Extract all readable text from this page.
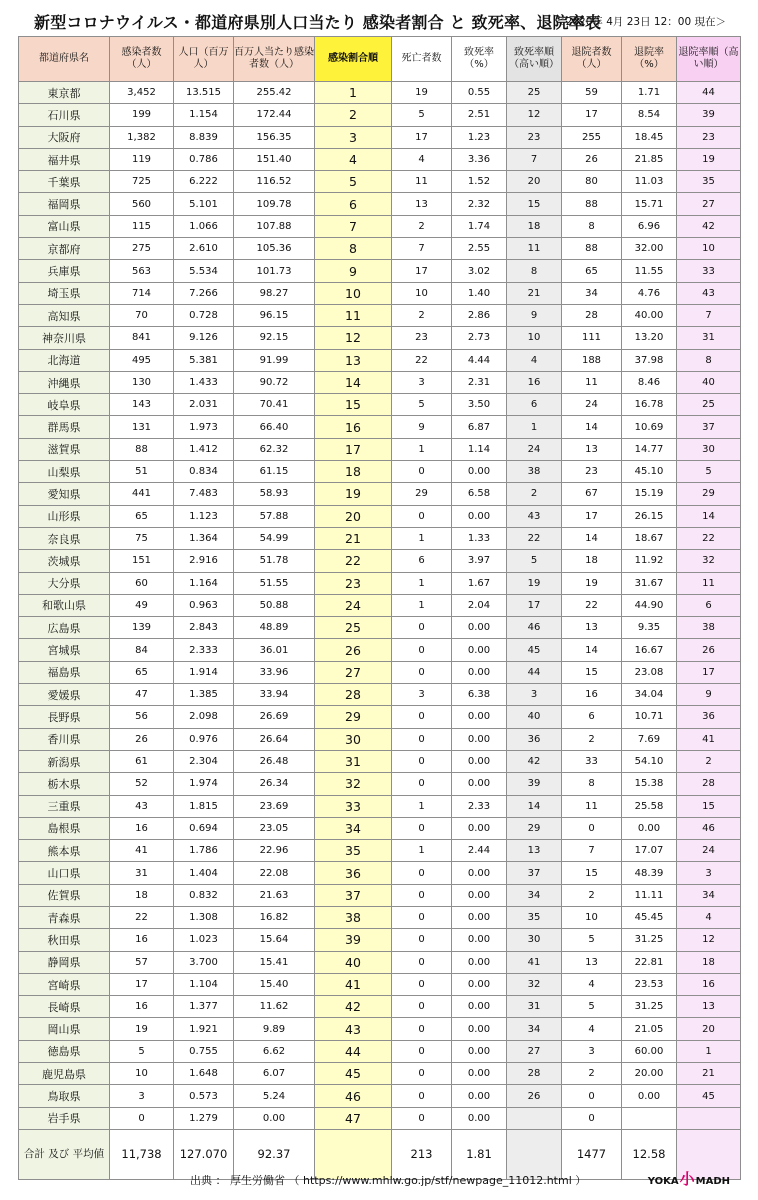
新型コロナウイルス・都道府県別人口当たり 感染者割合 と 致死率、退院率表
＜2020年 4月 23日 12：00 現在＞
都道府県名	感染者数（人）	人口（百万人）	百万人当たり感染者数（人）	感染割合順	死亡者数	致死率（%）	致死率順（高い順）	退院者数（人）	退院率（%）	退院率順（高い順）
東京都	3,452	13.515	255.42	1	19	0.55	25	59	1.71	44
石川県	199	1.154	172.44	2	5	2.51	12	17	8.54	39
大阪府	1,382	8.839	156.35	3	17	1.23	23	255	18.45	23
福井県	119	0.786	151.40	4	4	3.36	7	26	21.85	19
千葉県	725	6.222	116.52	5	11	1.52	20	80	11.03	35
福岡県	560	5.101	109.78	6	13	2.32	15	88	15.71	27
富山県	115	1.066	107.88	7	2	1.74	18	8	6.96	42
京都府	275	2.610	105.36	8	7	2.55	11	88	32.00	10
兵庫県	563	5.534	101.73	9	17	3.02	8	65	11.55	33
埼玉県	714	7.266	98.27	10	10	1.40	21	34	4.76	43
高知県	70	0.728	96.15	11	2	2.86	9	28	40.00	7
神奈川県	841	9.126	92.15	12	23	2.73	10	111	13.20	31
北海道	495	5.381	91.99	13	22	4.44	4	188	37.98	8
沖縄県	130	1.433	90.72	14	3	2.31	16	11	8.46	40
岐阜県	143	2.031	70.41	15	5	3.50	6	24	16.78	25
群馬県	131	1.973	66.40	16	9	6.87	1	14	10.69	37
滋賀県	88	1.412	62.32	17	1	1.14	24	13	14.77	30
山梨県	51	0.834	61.15	18	0	0.00	38	23	45.10	5
愛知県	441	7.483	58.93	19	29	6.58	2	67	15.19	29
山形県	65	1.123	57.88	20	0	0.00	43	17	26.15	14
奈良県	75	1.364	54.99	21	1	1.33	22	14	18.67	22
茨城県	151	2.916	51.78	22	6	3.97	5	18	11.92	32
大分県	60	1.164	51.55	23	1	1.67	19	19	31.67	11
和歌山県	49	0.963	50.88	24	1	2.04	17	22	44.90	6
広島県	139	2.843	48.89	25	0	0.00	46	13	9.35	38
宮城県	84	2.333	36.01	26	0	0.00	45	14	16.67	26
福島県	65	1.914	33.96	27	0	0.00	44	15	23.08	17
愛媛県	47	1.385	33.94	28	3	6.38	3	16	34.04	9
長野県	56	2.098	26.69	29	0	0.00	40	6	10.71	36
香川県	26	0.976	26.64	30	0	0.00	36	2	7.69	41
新潟県	61	2.304	26.48	31	0	0.00	42	33	54.10	2
栃木県	52	1.974	26.34	32	0	0.00	39	8	15.38	28
三重県	43	1.815	23.69	33	1	2.33	14	11	25.58	15
島根県	16	0.694	23.05	34	0	0.00	29	0	0.00	46
熊本県	41	1.786	22.96	35	1	2.44	13	7	17.07	24
山口県	31	1.404	22.08	36	0	0.00	37	15	48.39	3
佐賀県	18	0.832	21.63	37	0	0.00	34	2	11.11	34
青森県	22	1.308	16.82	38	0	0.00	35	10	45.45	4
秋田県	16	1.023	15.64	39	0	0.00	30	5	31.25	12
静岡県	57	3.700	15.41	40	0	0.00	41	13	22.81	18
宮崎県	17	1.104	15.40	41	0	0.00	32	4	23.53	16
長崎県	16	1.377	11.62	42	0	0.00	31	5	31.25	13
岡山県	19	1.921	9.89	43	0	0.00	34	4	21.05	20
徳島県	5	0.755	6.62	44	0	0.00	27	3	60.00	1
鹿児島県	10	1.648	6.07	45	0	0.00	28	2	20.00	21
鳥取県	3	0.573	5.24	46	0	0.00	26	0	0.00	45
岩手県	0	1.279	0.00	47	0	0.00		0		
合計 及び 平均値	11,738	127.070	92.37		213	1.81		1477	12.58	
出典 ： 厚生労働省 （ https://www.mhlw.go.jp/stf/newpage_11012.html ）	YOKA小MADH
